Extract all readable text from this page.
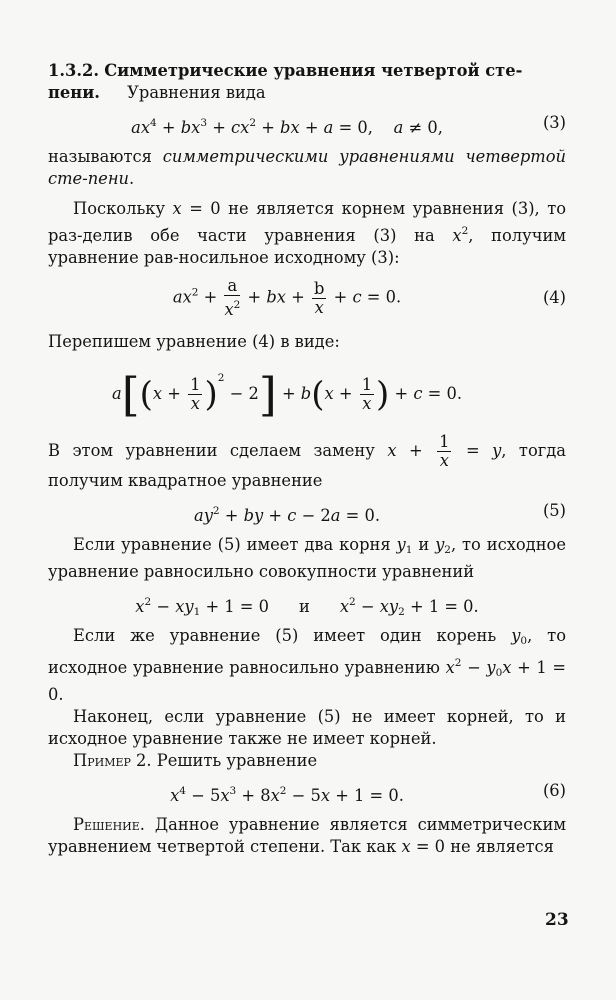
1.3.2. Симметрические уравнения четвертой сте-
пени. Уравнения вида

$ax^4 + bx^3 + cx^2$ + bx + a = 0,    a ≠ 0,	(3)

называются симметрическими уравнениями четвертой сте-пени.

Поскольку x = 0 не является корнем уравнения (3), то раз-делив обе части уравнения (3) на $x^2$, получим уравнение рав-носильное исходному (3):

$ax^2 + \frac{a}{x^2}$ + bx + $\frac{b}{x} + c = 0$.	(4)

Перепишем уравнение (4) в виде:

$a[(x + \frac{1}{x} )^2 - 2] + b(x + \frac{1}{x}$ ) + c = 0.

В этом уравнении сделаем замену $x + \frac{1}{x} = y$, тогда получим квадратное уравнение

$ay^2$ + by + c − 2a = 0.	(5)

Если уравнение (5) имеет два корня y1 и y2, то исходное уравнение равносильно совокупности уравнений

$x^2 - xy1 + 1 = 0$ и $x^2 - xy2 + 1 = 0$.

Если же уравнение (5) имеет один корень y0, то исходное уравнение равносильно уравнению $x^2 - y0x + 1 = 0$.

Наконец, если уравнение (5) не имеет корней, то и исходное уравнение также не имеет корней.

Пример 2. Решить уравнение

$x^4 - 5x^3 + 8x^2 - 5x + 1 = 0$.	(6)

Решение. Данное уравнение является симметрическим уравнением четвертой степени. Так как x = 0 не является

23
